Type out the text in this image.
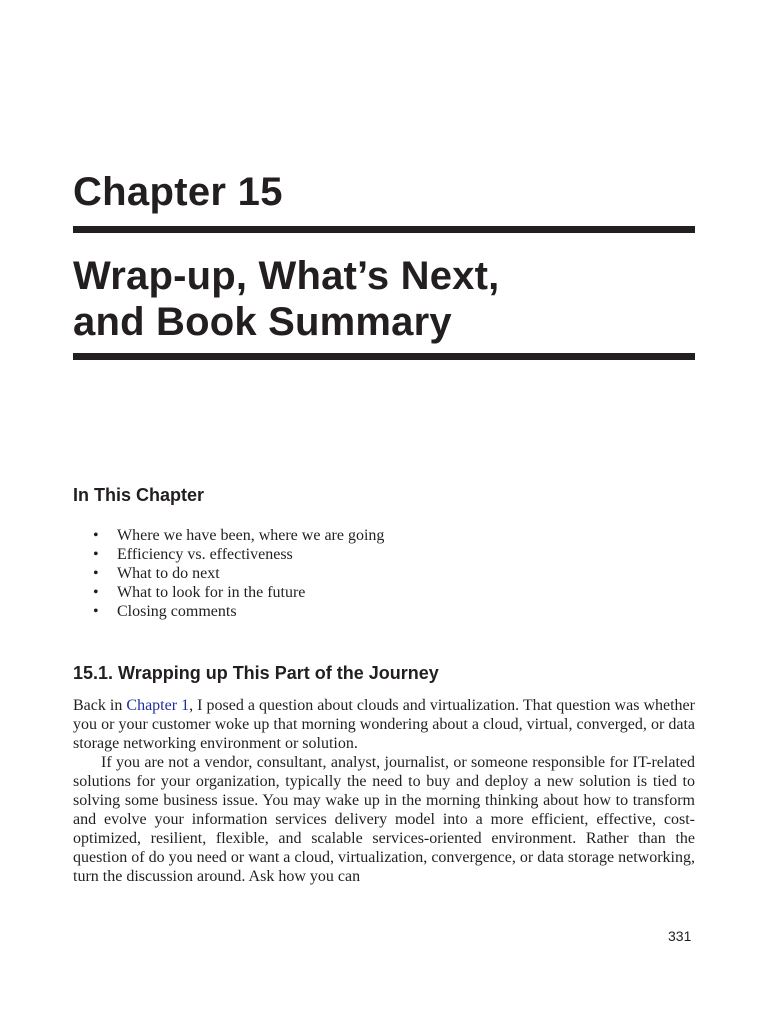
Chapter 15
Wrap-up, What’s Next,
and Book Summary
In This Chapter
• Where we have been, where we are going
• Efficiency vs. effectiveness
• What to do next
• What to look for in the future
• Closing comments
15.1. Wrapping up This Part of the Journey

Back in Chapter 1, I posed a question about clouds and virtualization. That question was whether you or your customer woke up that morning wondering about a cloud, virtual, converged, or data storage networking environment or solution.

If you are not a vendor, consultant, analyst, journalist, or someone responsible for IT-related solutions for your organization, typically the need to buy and deploy a new solution is tied to solving some business issue. You may wake up in the morning thinking about how to transform and evolve your information services delivery model into a more efficient, effective, cost-optimized, resilient, flexible, and scalable services-oriented environment. Rather than the question of do you need or want a cloud, virtualization, convergence, or data storage networking, turn the discussion around. Ask how you can

331
